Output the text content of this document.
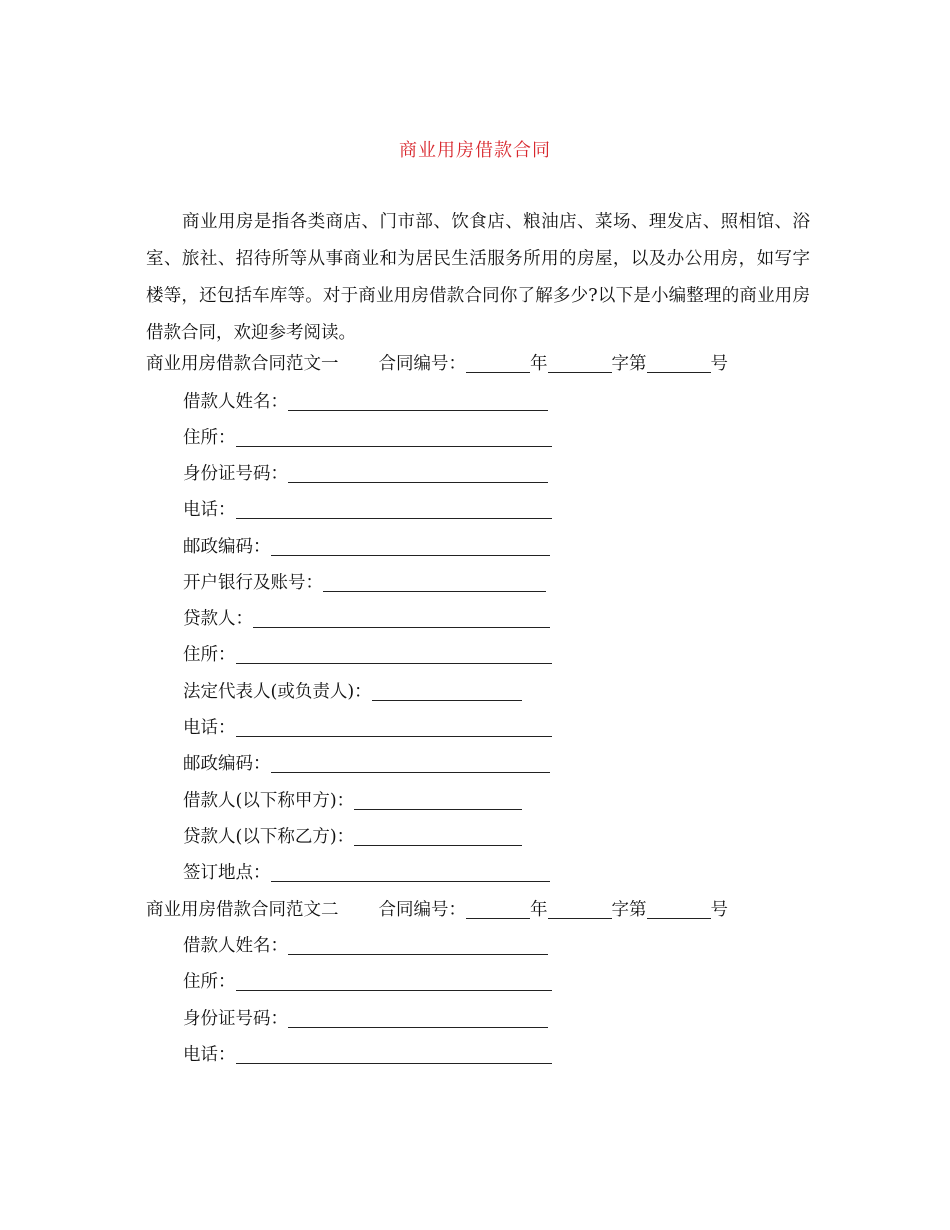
商业用房借款合同

商业用房是指各类商店、门市部、饮食店、粮油店、菜场、理发店、照相馆、浴室、旅社、招待所等从事商业和为居民生活服务所用的房屋，以及办公用房，如写字楼等，还包括车库等。对于商业用房借款合同你了解多少?以下是小编整理的商业用房借款合同，欢迎参考阅读。

商业用房借款合同范文一 合同编号：	年	字第	号
借款人姓名：
住所：
身份证号码：
电话：
邮政编码：
开户银行及账号：
贷款人：
住所：
法定代表人(或负责人)：
电话：
邮政编码：
借款人(以下称甲方)：
贷款人(以下称乙方)：
签订地点：
商业用房借款合同范文二 合同编号：	年	字第	号
借款人姓名：
住所：
身份证号码：
电话：
